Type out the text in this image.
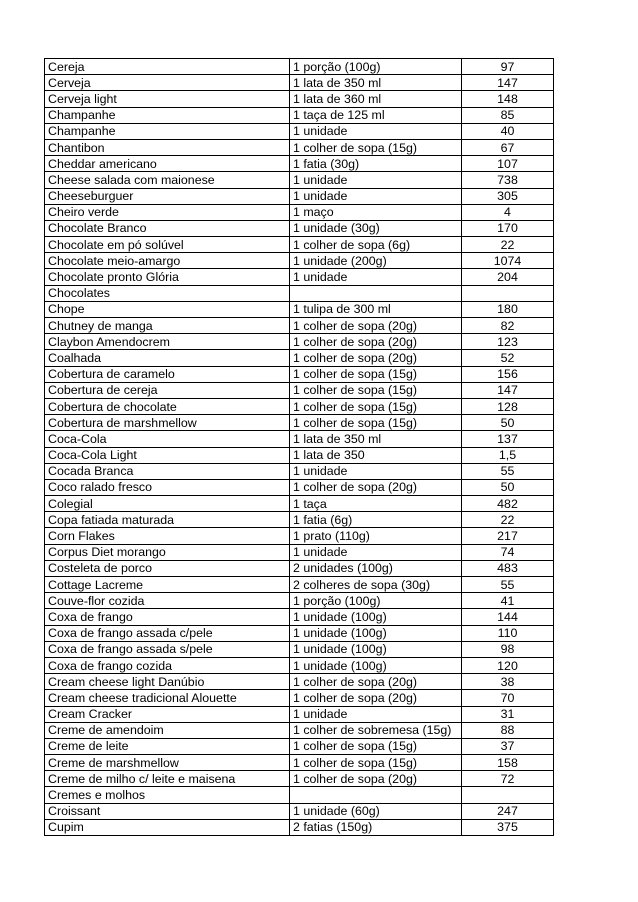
Cereja	1 porção (100g)	97
Cerveja	1 lata de 350 ml	147
Cerveja light	1 lata de 360 ml	148
Champanhe	1 taça de 125 ml	85
Champanhe	1 unidade	40
Chantibon	1 colher de sopa (15g)	67
Cheddar americano	1 fatia (30g)	107
Cheese salada com maionese	1 unidade	738
Cheeseburguer	1 unidade	305
Cheiro verde	1 maço	4
Chocolate Branco	1 unidade (30g)	170
Chocolate em pó solúvel	1 colher de sopa (6g)	22
Chocolate meio-amargo	1 unidade (200g)	1074
Chocolate pronto Glória	1 unidade	204
Chocolates		
Chope	1 tulipa de 300 ml	180
Chutney de manga	1 colher de sopa (20g)	82
Claybon Amendocrem	1 colher de sopa (20g)	123
Coalhada	1 colher de sopa (20g)	52
Cobertura de caramelo	1 colher de sopa (15g)	156
Cobertura de cereja	1 colher de sopa (15g)	147
Cobertura de chocolate	1 colher de sopa (15g)	128
Cobertura de marshmellow	1 colher de sopa (15g)	50
Coca-Cola	1 lata de 350 ml	137
Coca-Cola Light	1 lata de 350	1,5
Cocada Branca	1 unidade	55
Coco ralado fresco	1 colher de sopa (20g)	50
Colegial	1 taça	482
Copa fatiada maturada	1 fatia (6g)	22
Corn Flakes	1 prato (110g)	217
Corpus Diet morango	1 unidade	74
Costeleta de porco	2 unidades (100g)	483
Cottage Lacreme	2 colheres de sopa (30g)	55
Couve-flor cozida	1 porção (100g)	41
Coxa de frango	1 unidade (100g)	144
Coxa de frango assada c/pele	1 unidade (100g)	110
Coxa de frango assada s/pele	1 unidade (100g)	98
Coxa de frango cozida	1 unidade (100g)	120
Cream cheese light Danúbio	1 colher de sopa (20g)	38
Cream cheese tradicional Alouette	1 colher de sopa (20g)	70
Cream Cracker	1 unidade	31
Creme de amendoim	1 colher de sobremesa (15g)	88
Creme de leite	1 colher de sopa (15g)	37
Creme de marshmellow	1 colher de sopa (15g)	158
Creme de milho c/ leite e maisena	1 colher de sopa (20g)	72
Cremes e molhos		
Croissant	1 unidade (60g)	247
Cupim	2 fatias (150g)	375
